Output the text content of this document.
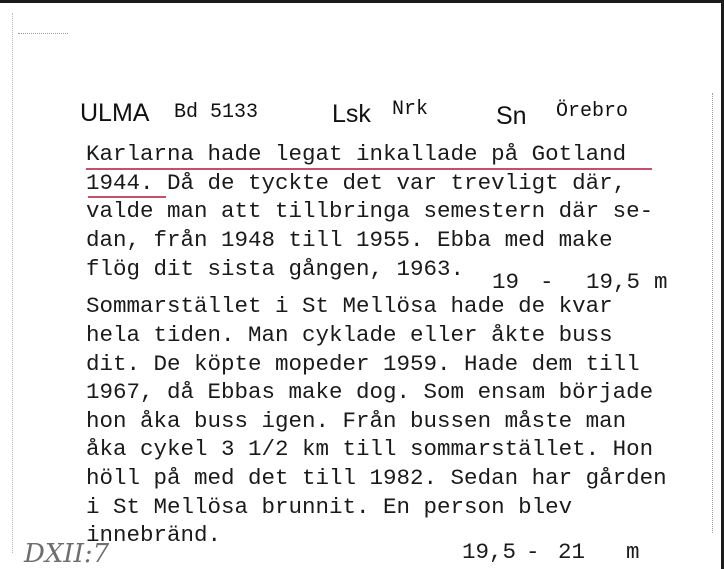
ULMA Bd 5133	Lsk Nrk	Sn Örebro

Karlarna hade legat inkallade på Gotland

1944. Då de tyckte det var trevligt där,

valde man att tillbringa semestern där se-

dan, från 1948 till 1955. Ebba med make

flög dit sista gången, 1963. 19 - 19,5 m

Sommarstället i St Mellösa hade de kvar

hela tiden. Man cyklade eller åkte buss

dit. De köpte mopeder 1959. Hade dem till

1967, då Ebbas make dog. Som ensam började

hon åka buss igen. Från bussen måste man

åka cykel 3 1/2 km till sommarstället. Hon

höll på med det till 1982. Sedan har gården

i St Mellösa brunnit. En person blev

innebränd.

19,5 - 21 m
DXII:7
